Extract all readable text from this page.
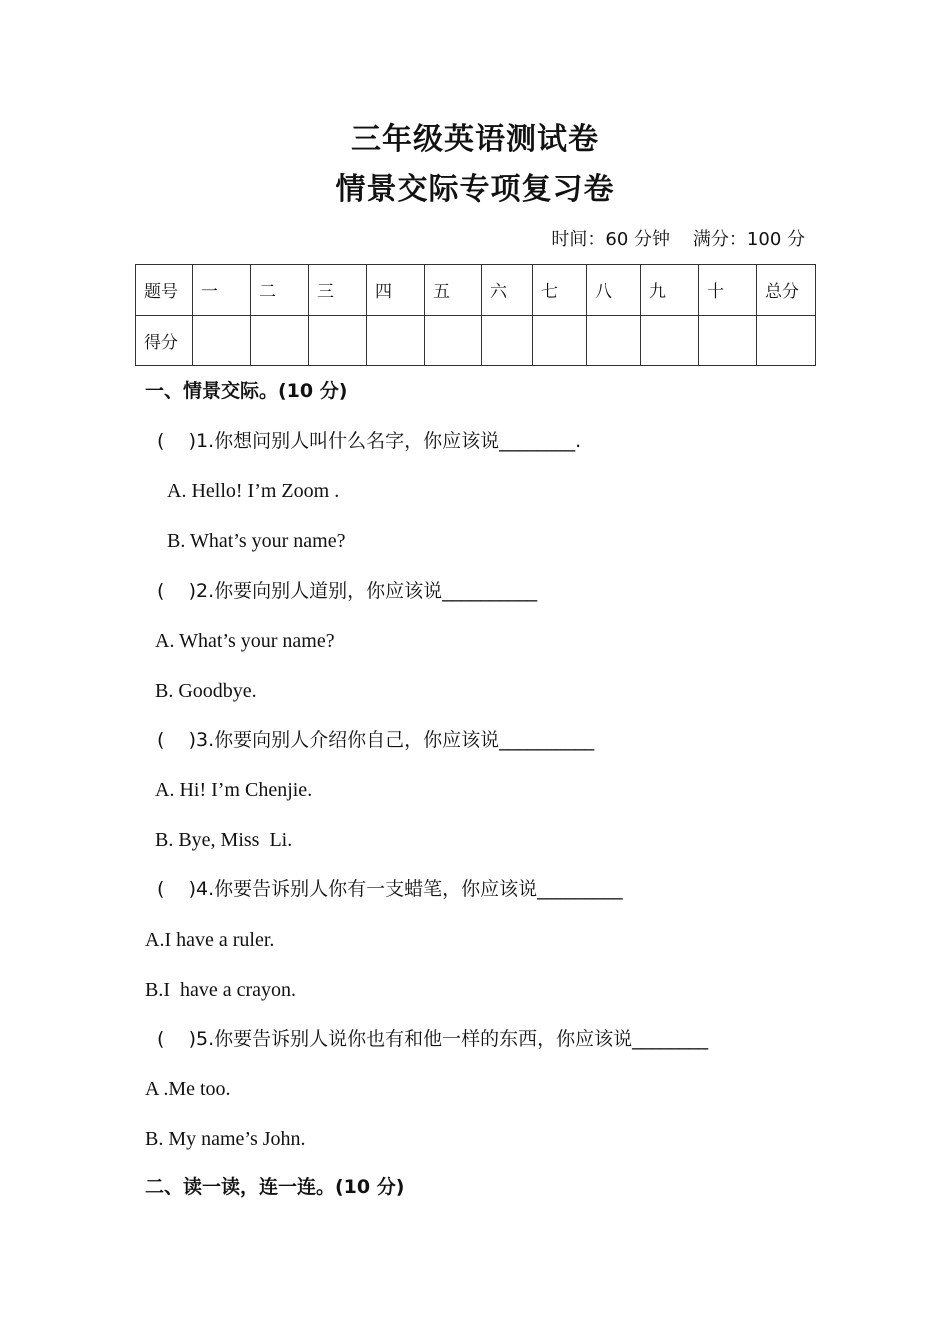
三年级英语测试卷
情景交际专项复习卷
时间：60 分钟 满分：100 分
题号	一	二	三	四	五	六	七	八	九	十	总分
得分											
一、情景交际。(10 分)
(    )1.你想问别人叫什么名字，你应该说________.
A. Hello! I’m Zoom .
B. What’s your name?
(    )2.你要向别人道别，你应该说__________
A. What’s your name?
B. Goodbye.
(    )3.你要向别人介绍你自己，你应该说__________
A. Hi! I’m Chenjie.
B. Bye, Miss  Li.
(    )4.你要告诉别人你有一支蜡笔，你应该说_________
A.I have a ruler.
B.I  have a crayon.
(    )5.你要告诉别人说你也有和他一样的东西，你应该说________
A .Me too.
B. My name’s John.
二、读一读，连一连。(10 分)
